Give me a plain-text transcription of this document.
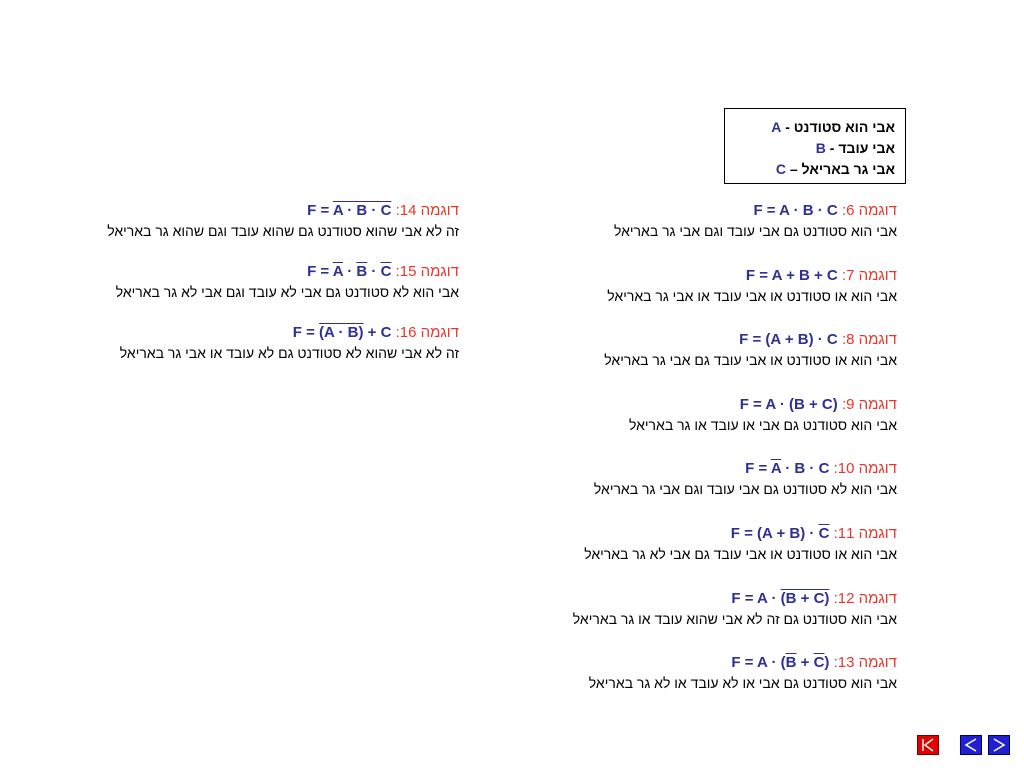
אבי הוא סטודנט - A
אבי עובד - B
אבי גר באריאל – C
דוגמה 6: F = A · B · C
אבי הוא סטודנט גם אבי עובד וגם אבי גר באריאל
דוגמה 7: F = A + B + C
אבי הוא או סטודנט או אבי עובד או אבי גר באריאל
דוגמה 8: F = (A + B) · C
אבי הוא או סטודנט או אבי עובד גם אבי גר באריאל
דוגמה 9: F = A · (B + C)
אבי הוא סטודנט גם אבי או עובד או גר באריאל
דוגמה 10: $F = \overline{A} \cdot B \cdot C$
אבי הוא לא סטודנט גם אבי עובד וגם אבי גר באריאל
דוגמה 11: $F = (A + B) \cdot \overline{C}$
אבי הוא או סטודנט או אבי עובד גם אבי לא גר באריאל
דוגמה 12: F = A · (B + C)
אבי הוא סטודנט גם זה לא אבי שהוא עובד או גר באריאל
דוגמה 13: $F = A \cdot (\overline{B} + \overline{C})$
אבי הוא סטודנט גם אבי או לא עובד או לא גר באריאל
דוגמה 14: F = A · B · C
זה לא אבי שהוא סטודנט גם שהוא עובד וגם שהוא גר באריאל
דוגמה 15: $F = \overline{A} \cdot \overline{B} \cdot \overline{C}$
אבי הוא לא סטודנט גם אבי לא עובד וגם אבי לא גר באריאל
דוגמה 16: F = (A · B) + C
זה לא אבי שהוא לא סטודנט גם לא עובד או אבי גר באריאל
